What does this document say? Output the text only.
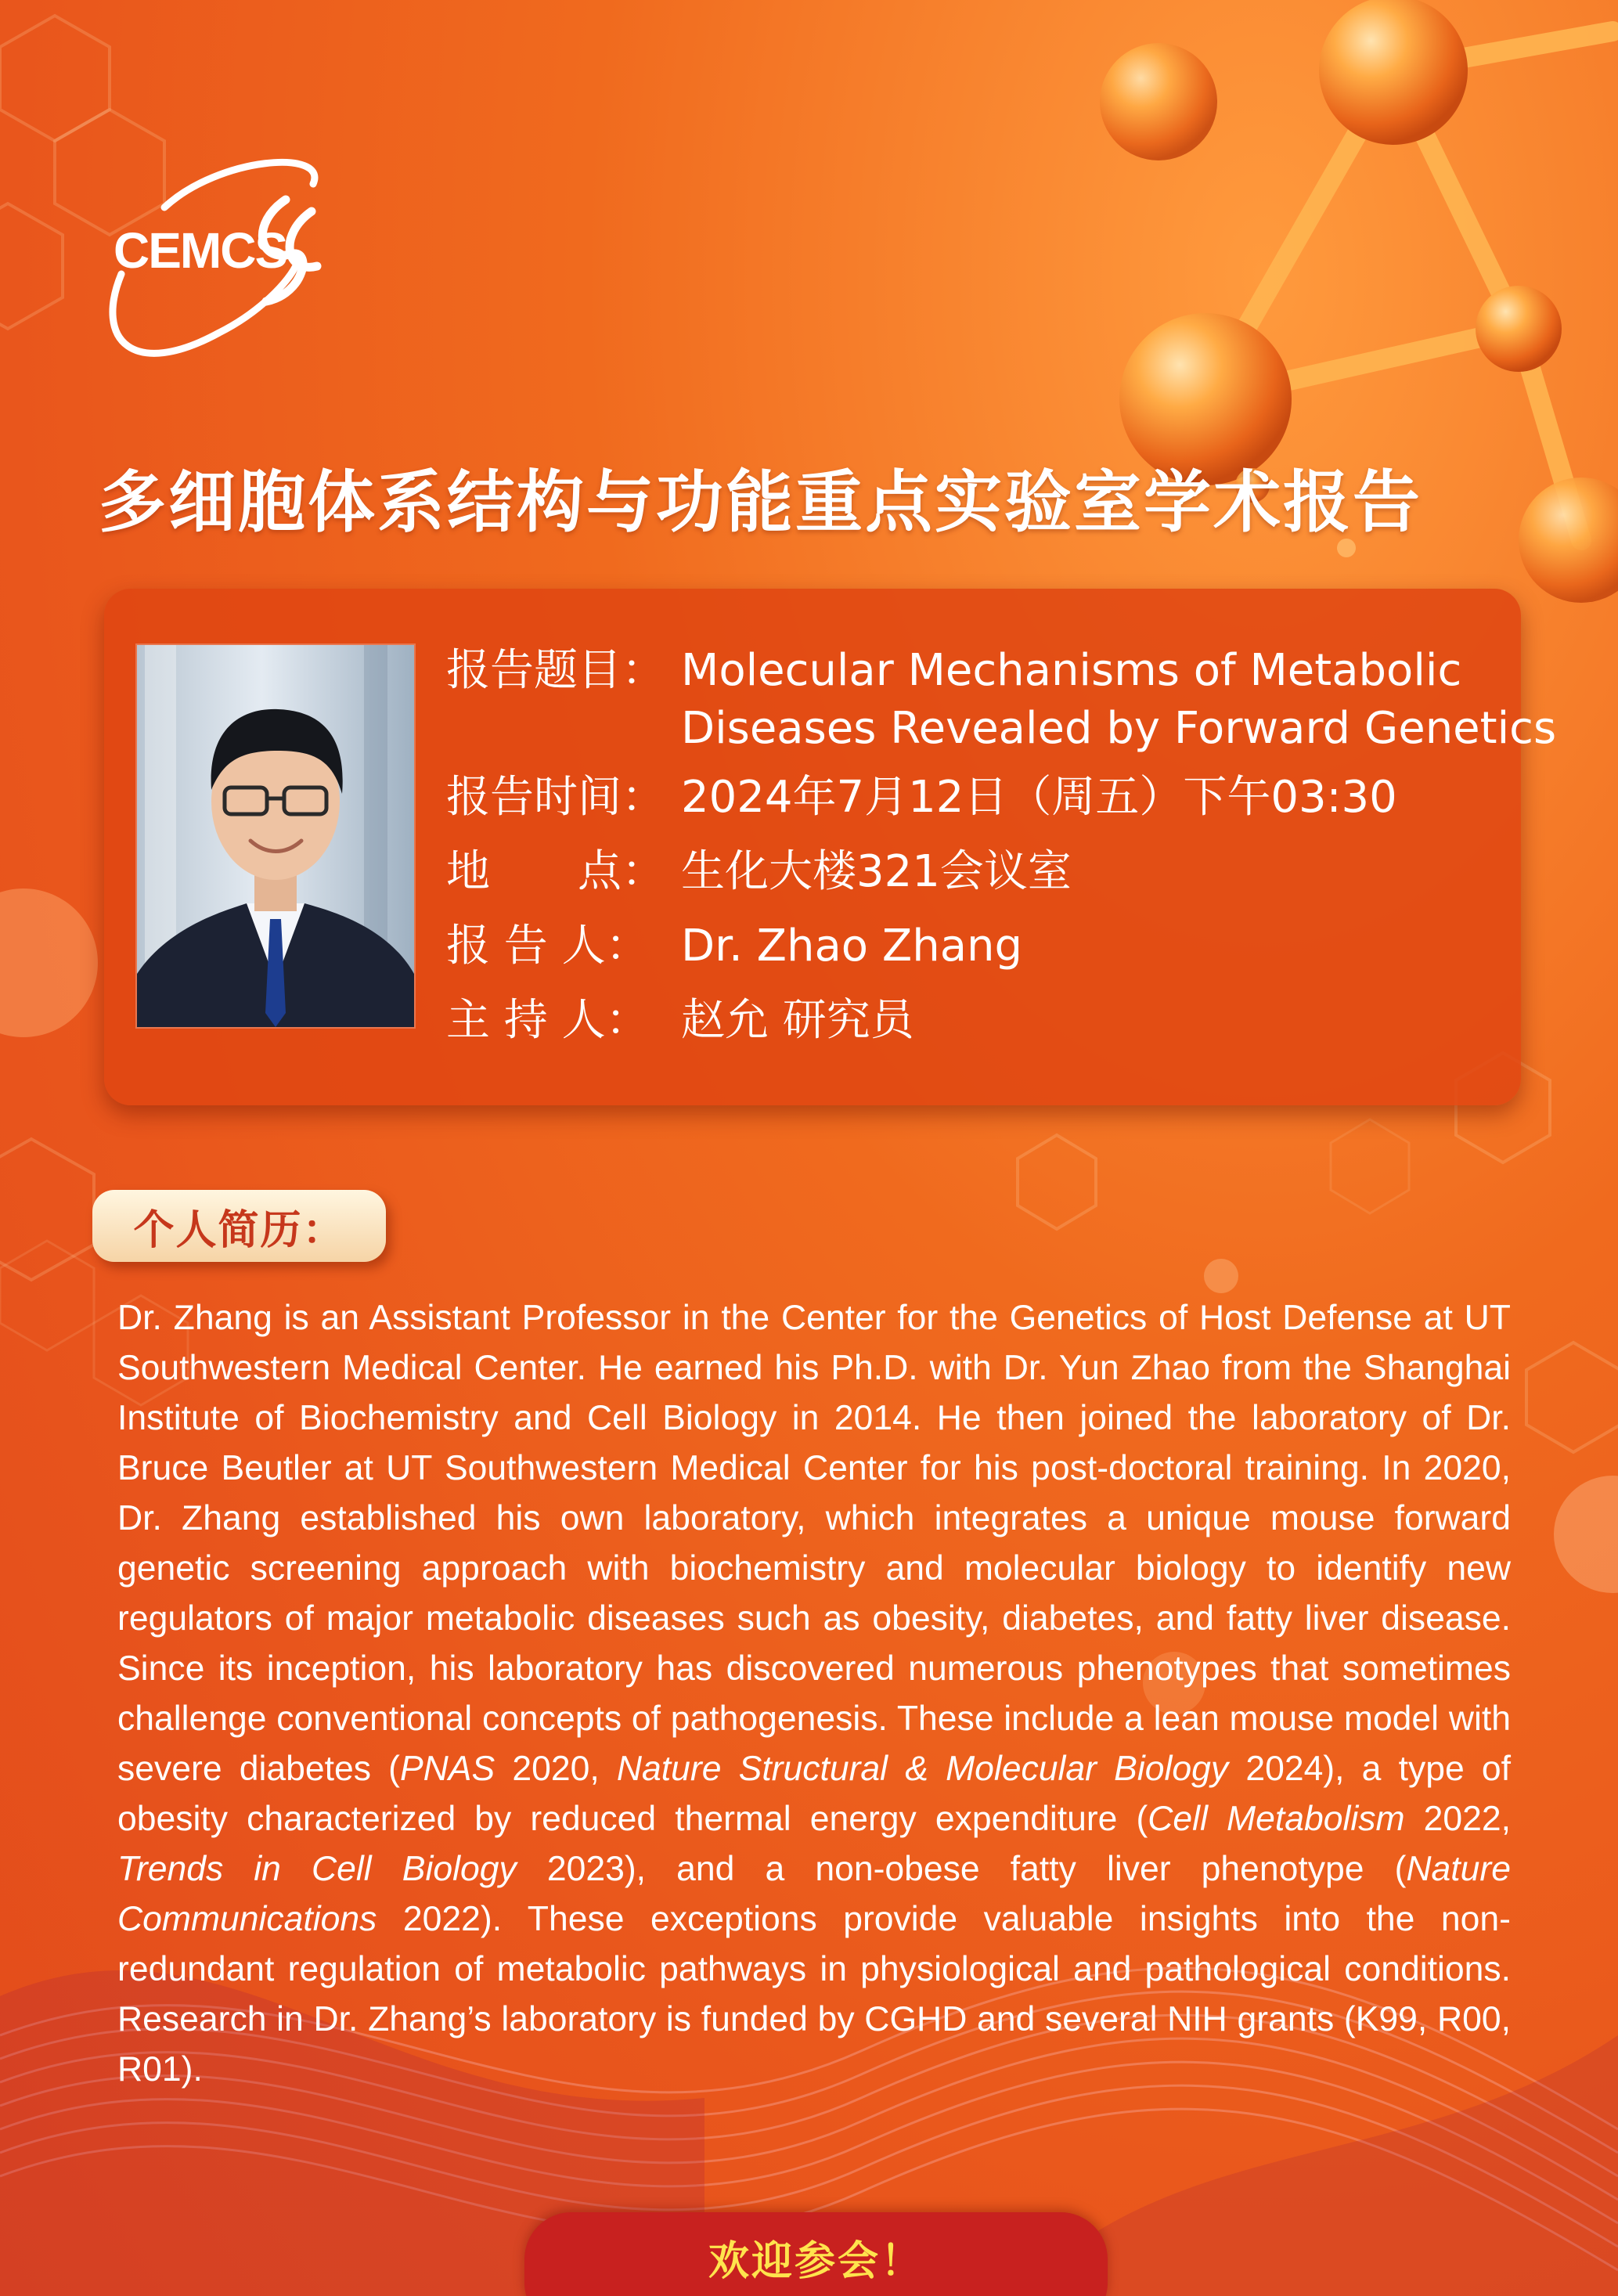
CEMCS
多细胞体系结构与功能重点实验室学术报告
报告题目： Molecular Mechanisms of Metabolic
Diseases Revealed by Forward Genetics
报告时间： 2024年7月12日（周五）下午03:30
地　　点： 生化大楼321会议室
报 告 人： Dr. Zhao Zhang
主 持 人： 赵允 研究员
个人简历：

Dr. Zhang is an Assistant Professor in the Center for the Genetics of Host Defense at UT Southwestern Medical Center. He earned his Ph.D. with Dr. Yun Zhao from the Shanghai Institute of Biochemistry and Cell Biology in 2014. He then joined the laboratory of Dr. Bruce Beutler at UT Southwestern Medical Center for his post-doctoral training. In 2020, Dr. Zhang established his own laboratory, which integrates a unique mouse forward genetic screening approach with biochemistry and molecular biology to identify new regulators of major metabolic diseases such as obesity, diabetes, and fatty liver disease. Since its inception, his laboratory has discovered numerous phenotypes that sometimes challenge conventional concepts of pathogenesis. These include a lean mouse model with severe diabetes (PNAS 2020, Nature Structural & Molecular Biology 2024), a type of obesity characterized by reduced thermal energy expenditure (Cell Metabolism 2022, Trends in Cell Biology 2023), and a non-obese fatty liver phenotype (Nature Communications 2022). These exceptions provide valuable insights into the non-redundant regulation of metabolic pathways in physiological and pathological conditions. Research in Dr. Zhang’s laboratory is funded by CGHD and several NIH grants (K99, R00, R01).

欢迎参会！
